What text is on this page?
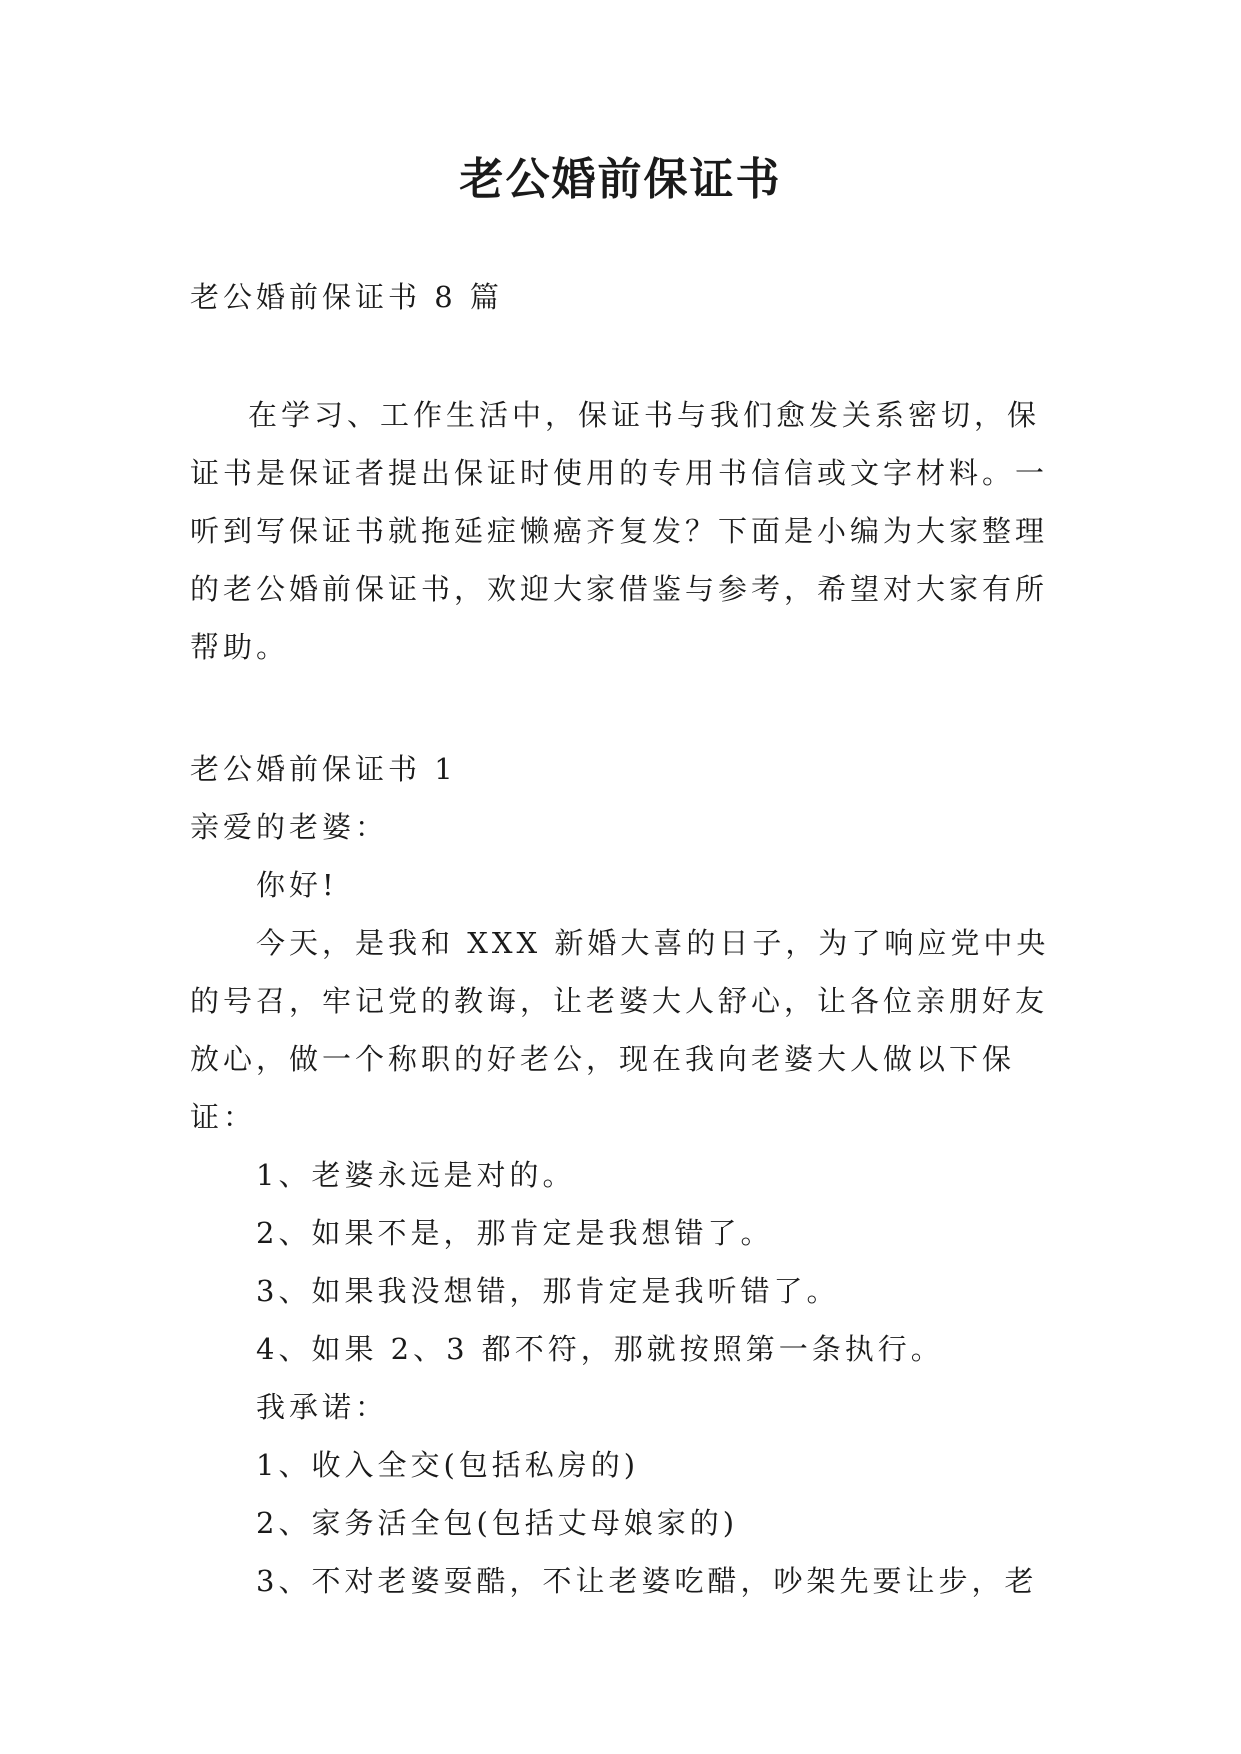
老公婚前保证书

老公婚前保证书 8 篇

在学习、工作生活中，保证书与我们愈发关系密切，保证书是保证者提出保证时使用的专用书信信或文字材料。一听到写保证书就拖延症懒癌齐复发？下面是小编为大家整理的老公婚前保证书，欢迎大家借鉴与参考，希望对大家有所帮助。

老公婚前保证书 1

亲爱的老婆：

你好!

今天，是我和 XXX 新婚大喜的日子，为了响应党中央的号召，牢记党的教诲，让老婆大人舒心，让各位亲朋好友放心，做一个称职的好老公，现在我向老婆大人做以下保证：

1、老婆永远是对的。

2、如果不是，那肯定是我想错了。

3、如果我没想错，那肯定是我听错了。

4、如果 2、3 都不符，那就按照第一条执行。

我承诺：

1、收入全交(包括私房的)

2、家务活全包(包括丈母娘家的)

3、不对老婆耍酷，不让老婆吃醋，吵架先要让步，老
